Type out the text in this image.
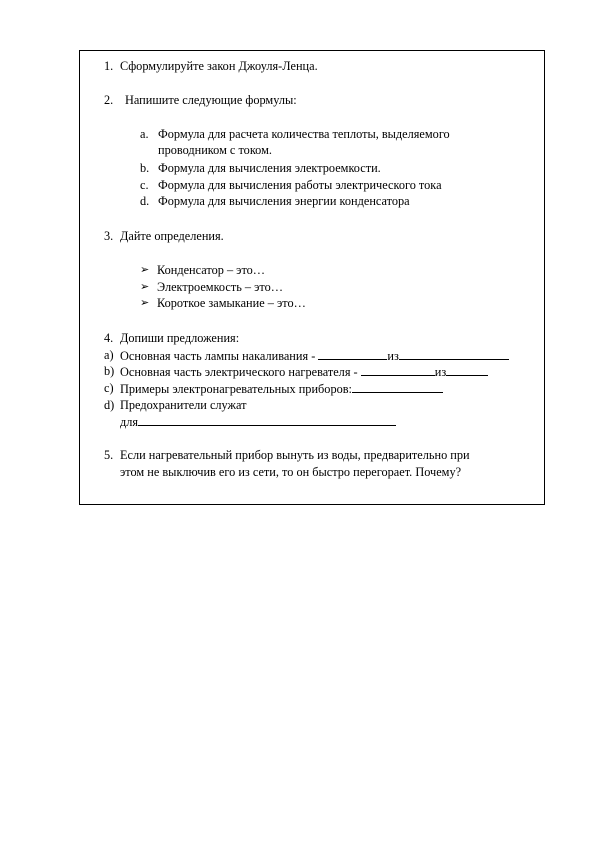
1. Сформулируйте закон Джоуля-Ленца.
2. Напишите следующие формулы:
a. Формула для расчета количества теплоты, выделяемого
проводником с током.
b. Формула для вычисления электроемкости.
c. Формула для вычисления работы электрического тока
d. Формула для вычисления энергии конденсатора
3. Дайте определения.
➢ Конденсатор – это…
➢ Электроемкость – это…
➢ Короткое замыкание – это…
4. Допиши предложения:
a) Основная часть лампы накаливания -	из
b) Основная часть электрического нагревателя -	из
c) Примеры электронагревательных приборов:
d) Предохранители служат
для
5. Если нагревательный прибор вынуть из воды, предварительно при
этом не выключив его из сети, то он быстро перегорает. Почему?
